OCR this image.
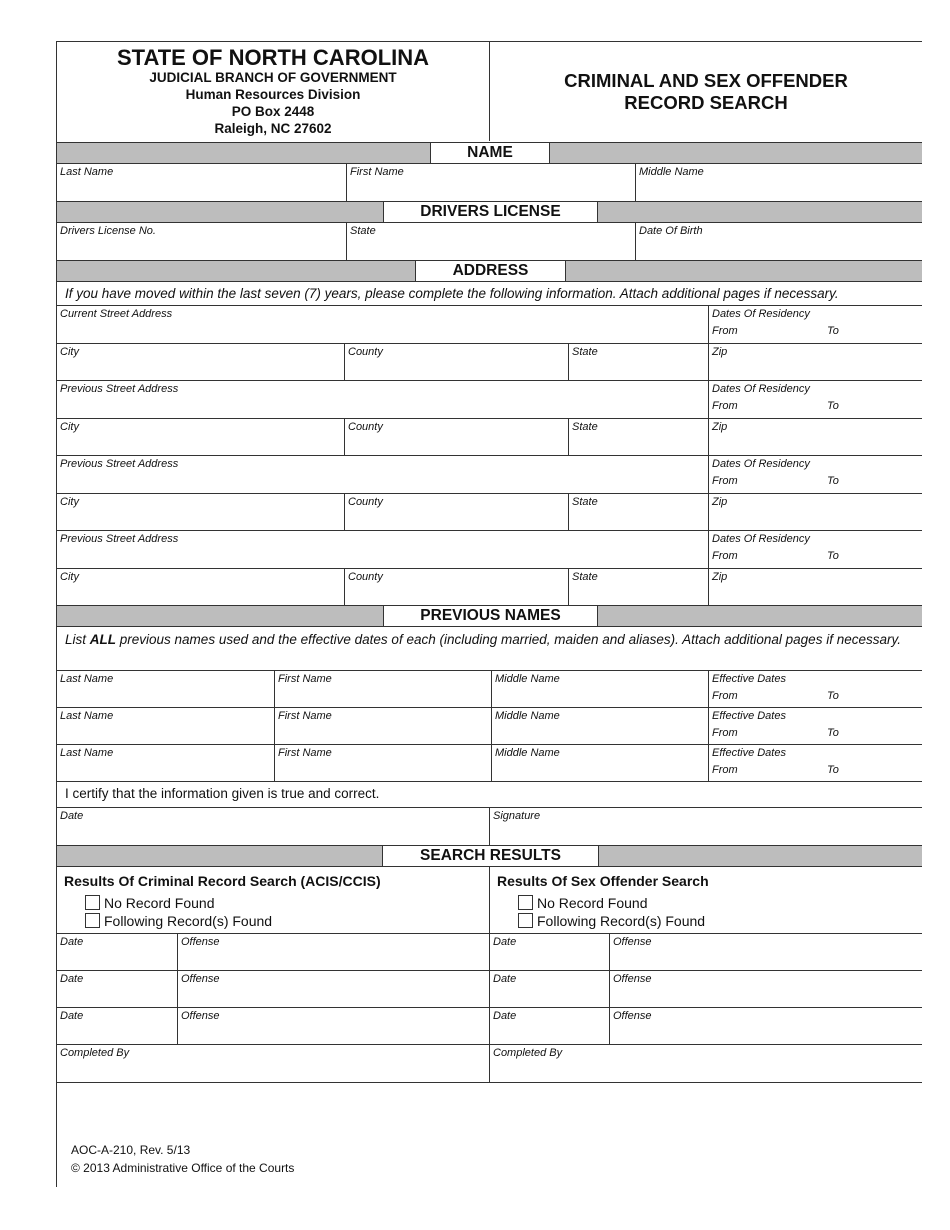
STATE OF NORTH CAROLINA
JUDICIAL BRANCH OF GOVERNMENT
Human Resources Division
PO Box 2448
Raleigh, NC 27602
CRIMINAL AND SEX OFFENDER
RECORD SEARCH
NAME
Last Name	First Name	Middle Name
DRIVERS LICENSE
Drivers License No.	State	Date Of Birth
ADDRESS
If you have moved within the last seven (7) years, please complete the following information. Attach additional pages if necessary.
Current Street Address	Dates Of Residency
From	To
City	County	State	Zip
Previous Street Address	Dates Of Residency
From	To
City	County	State	Zip
Previous Street Address	Dates Of Residency
From	To
City	County	State	Zip
Previous Street Address	Dates Of Residency
From	To
City	County	State	Zip
PREVIOUS NAMES
List ALL previous names used and the effective dates of each (including married, maiden and aliases). Attach additional pages if necessary.
Last Name	First Name	Middle Name	Effective Dates
From	To
Last Name	First Name	Middle Name	Effective Dates
From	To
Last Name	First Name	Middle Name	Effective Dates
From	To
I certify that the information given is true and correct.
Date	Signature
SEARCH RESULTS
Results Of Criminal Record Search (ACIS/CCIS)
No Record Found
Following Record(s) Found
Results Of Sex Offender Search
No Record Found
Following Record(s) Found
Date	Offense	Date	Offense
Date	Offense	Date	Offense
Date	Offense	Date	Offense
Completed By	Completed By
AOC-A-210, Rev. 5/13
© 2013 Administrative Office of the Courts
